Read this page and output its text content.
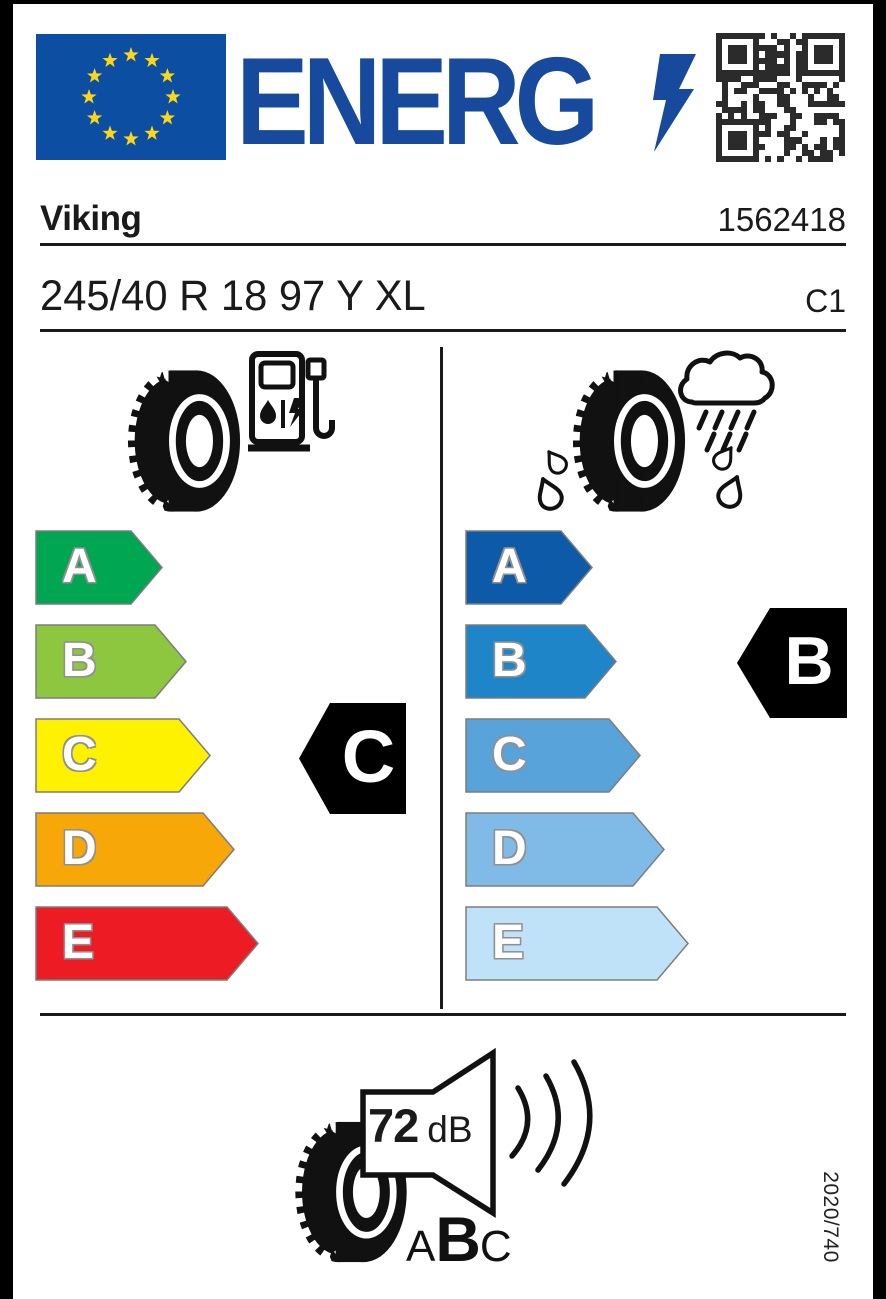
ENERG
Viking	1562418
245/40 R 18 97 Y XL	C1
A
B
C
D
E
C
A
B
C
D
E
B
72 dB
A B C	2020/740
